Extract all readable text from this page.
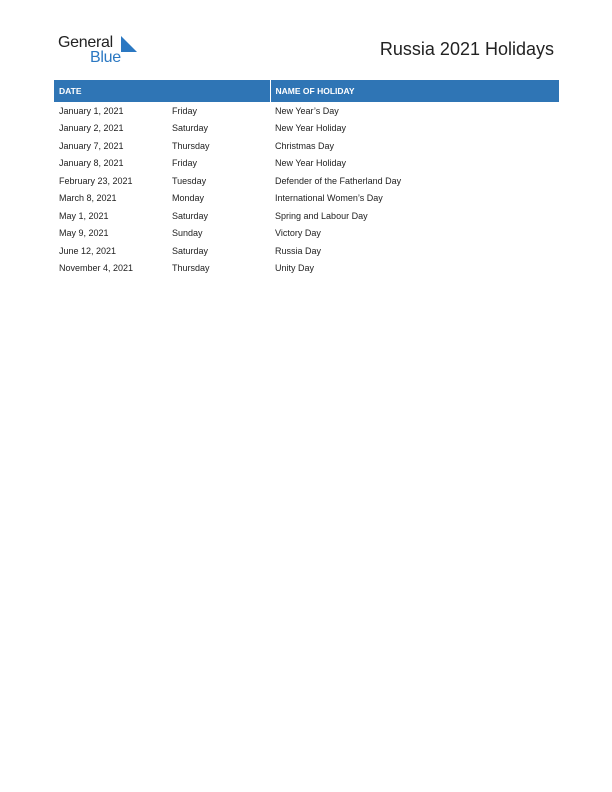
General
Blue	Russia 2021 Holidays
DATE		NAME OF HOLIDAY
January 1, 2021	Friday	New Year’s Day
January 2, 2021	Saturday	New Year Holiday
January 7, 2021	Thursday	Christmas Day
January 8, 2021	Friday	New Year Holiday
February 23, 2021	Tuesday	Defender of the Fatherland Day
March 8, 2021	Monday	International Women’s Day
May 1, 2021	Saturday	Spring and Labour Day
May 9, 2021	Sunday	Victory Day
June 12, 2021	Saturday	Russia Day
November 4, 2021	Thursday	Unity Day
